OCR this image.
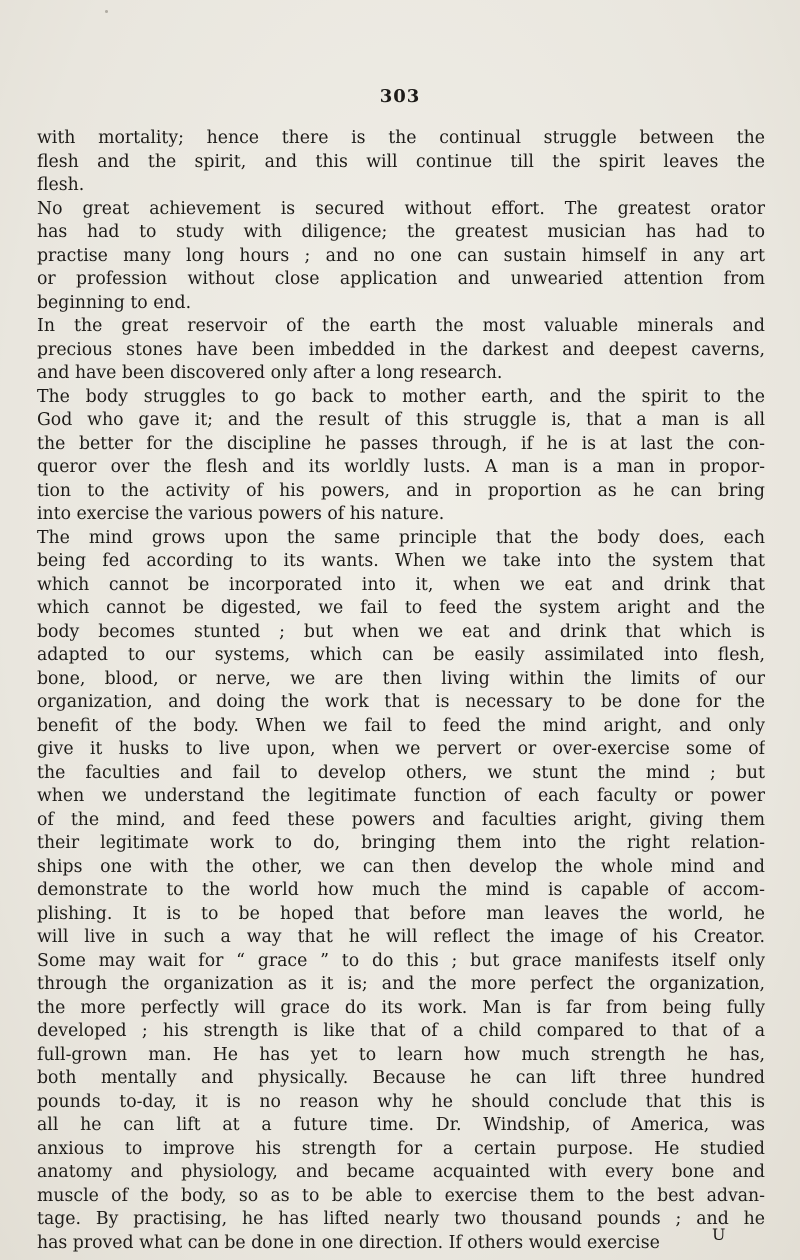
303
with mortality; hence there is the continual struggle between the
flesh and the spirit, and this will continue till the spirit leaves the
flesh.
No great achievement is secured without effort. The greatest orator
has had to study with diligence; the greatest musician has had to
practise many long hours ; and no one can sustain himself in any art
or profession without close application and unwearied attention from
beginning to end.
In the great reservoir of the earth the most valuable minerals and
precious stones have been imbedded in the darkest and deepest caverns,
and have been discovered only after a long research.
The body struggles to go back to mother earth, and the spirit to the
God who gave it; and the result of this struggle is, that a man is all
the better for the discipline he passes through, if he is at last the con-
queror over the flesh and its worldly lusts. A man is a man in propor-
tion to the activity of his powers, and in proportion as he can bring
into exercise the various powers of his nature.
The mind grows upon the same principle that the body does, each
being fed according to its wants. When we take into the system that
which cannot be incorporated into it, when we eat and drink that
which cannot be digested, we fail to feed the system aright and the
body becomes stunted ; but when we eat and drink that which is
adapted to our systems, which can be easily assimilated into flesh,
bone, blood, or nerve, we are then living within the limits of our
organization, and doing the work that is necessary to be done for the
benefit of the body. When we fail to feed the mind aright, and only
give it husks to live upon, when we pervert or over-exercise some of
the faculties and fail to develop others, we stunt the mind ; but
when we understand the legitimate function of each faculty or power
of the mind, and feed these powers and faculties aright, giving them
their legitimate work to do, bringing them into the right relation-
ships one with the other, we can then develop the whole mind and
demonstrate to the world how much the mind is capable of accom-
plishing. It is to be hoped that before man leaves the world, he
will live in such a way that he will reflect the image of his Creator.
Some may wait for “ grace ” to do this ; but grace manifests itself only
through the organization as it is; and the more perfect the organization,
the more perfectly will grace do its work. Man is far from being fully
developed ; his strength is like that of a child compared to that of a
full-grown man. He has yet to learn how much strength he has,
both mentally and physically. Because he can lift three hundred
pounds to-day, it is no reason why he should conclude that this is
all he can lift at a future time. Dr. Windship, of America, was
anxious to improve his strength for a certain purpose. He studied
anatomy and physiology, and became acquainted with every bone and
muscle of the body, so as to be able to exercise them to the best advan-
tage. By practising, he has lifted nearly two thousand pounds ; and he
has proved what can be done in one direction. If others would exercise	U
